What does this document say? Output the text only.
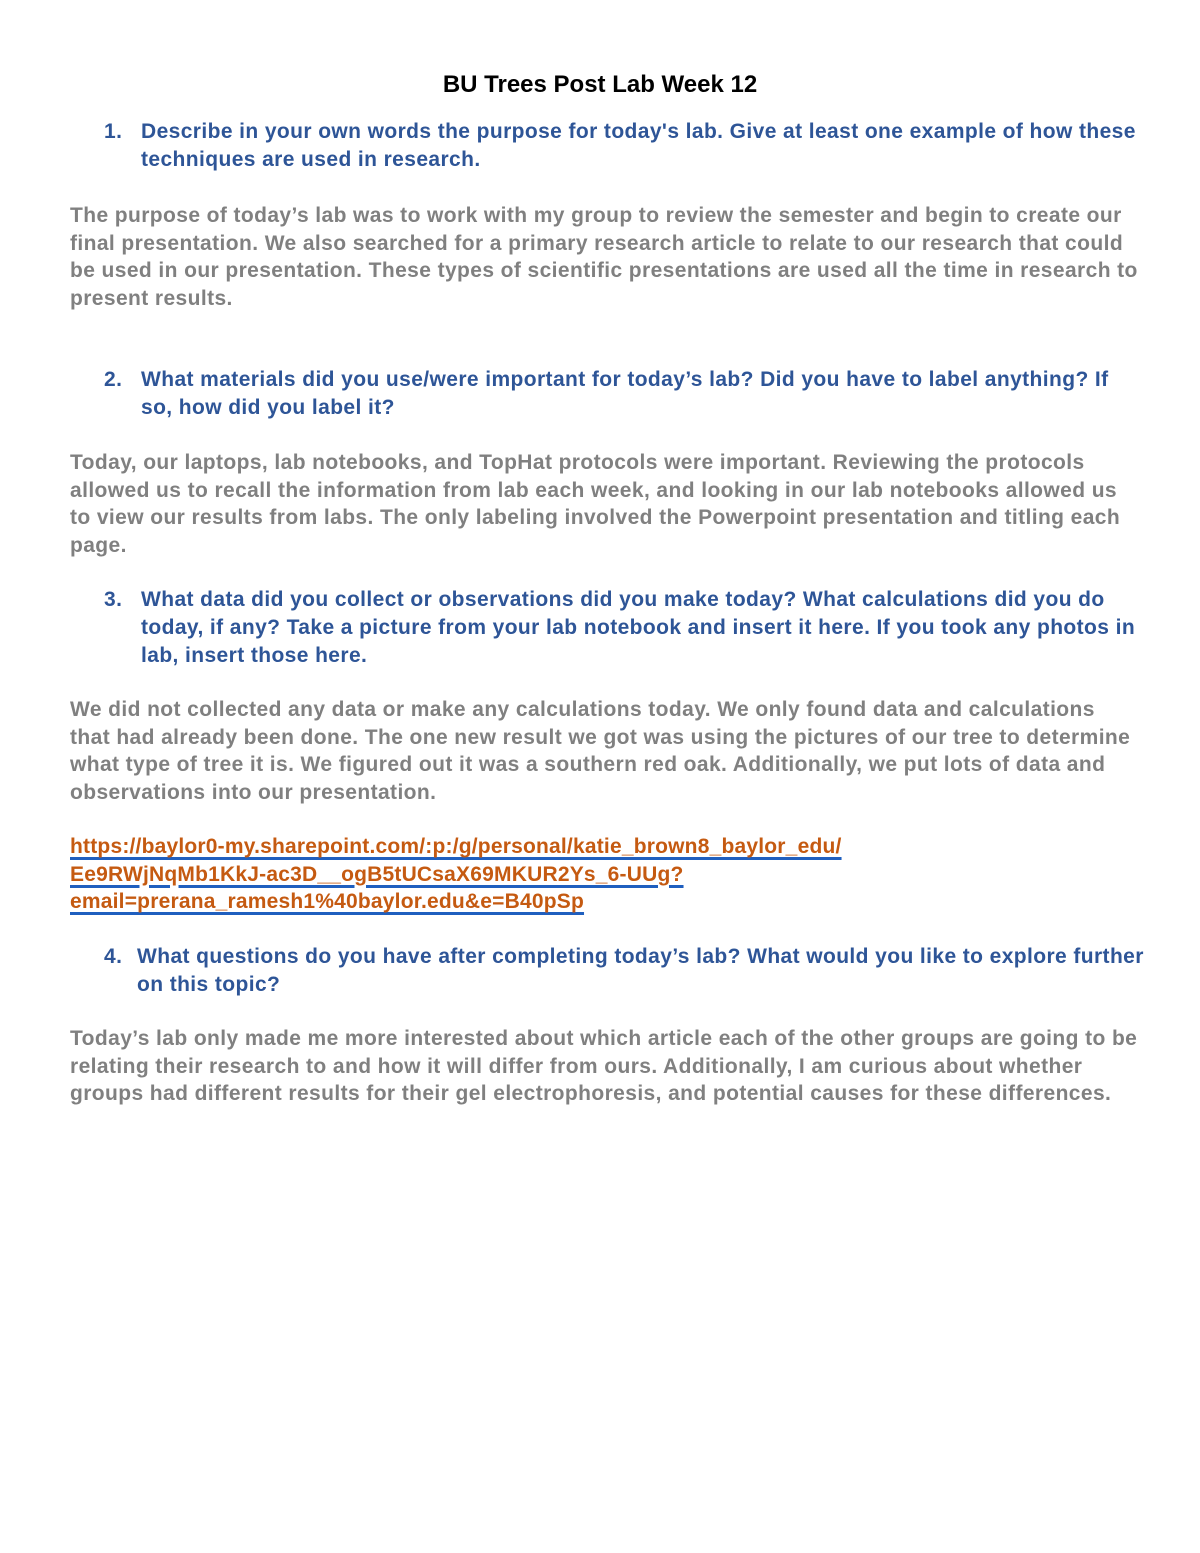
BU Trees Post Lab Week 12
1. Describe in your own words the purpose for today's lab. Give at least one example of how these techniques are used in research.

The purpose of today’s lab was to work with my group to review the semester and begin to create our final presentation. We also searched for a primary research article to relate to our research that could be used in our presentation. These types of scientific presentations are used all the time in research to present results.

2. What materials did you use/were important for today’s lab? Did you have to label anything? If so, how did you label it?

Today, our laptops, lab notebooks, and TopHat protocols were important. Reviewing the protocols allowed us to recall the information from lab each week, and looking in our lab notebooks allowed us to view our results from labs. The only labeling involved the Powerpoint presentation and titling each page.

3. What data did you collect or observations did you make today? What calculations did you do today, if any? Take a picture from your lab notebook and insert it here. If you took any photos in lab, insert those here.

We did not collected any data or make any calculations today. We only found data and calculations that had already been done. The one new result we got was using the pictures of our tree to determine what type of tree it is. We figured out it was a southern red oak. Additionally, we put lots of data and observations into our presentation.

https://baylor0-my.sharepoint.com/:p:/g/personal/katie_brown8_baylor_edu/
Ee9RWjNqMb1KkJ-ac3D__ogB5tUCsaX69MKUR2Ys_6-UUg?
email=prerana_ramesh1%40baylor.edu&e=B40pSp

4. What questions do you have after completing today’s lab? What would you like to explore further on this topic?

Today’s lab only made me more interested about which article each of the other groups are going to be relating their research to and how it will differ from ours. Additionally, I am curious about whether groups had different results for their gel electrophoresis, and potential causes for these differences.
